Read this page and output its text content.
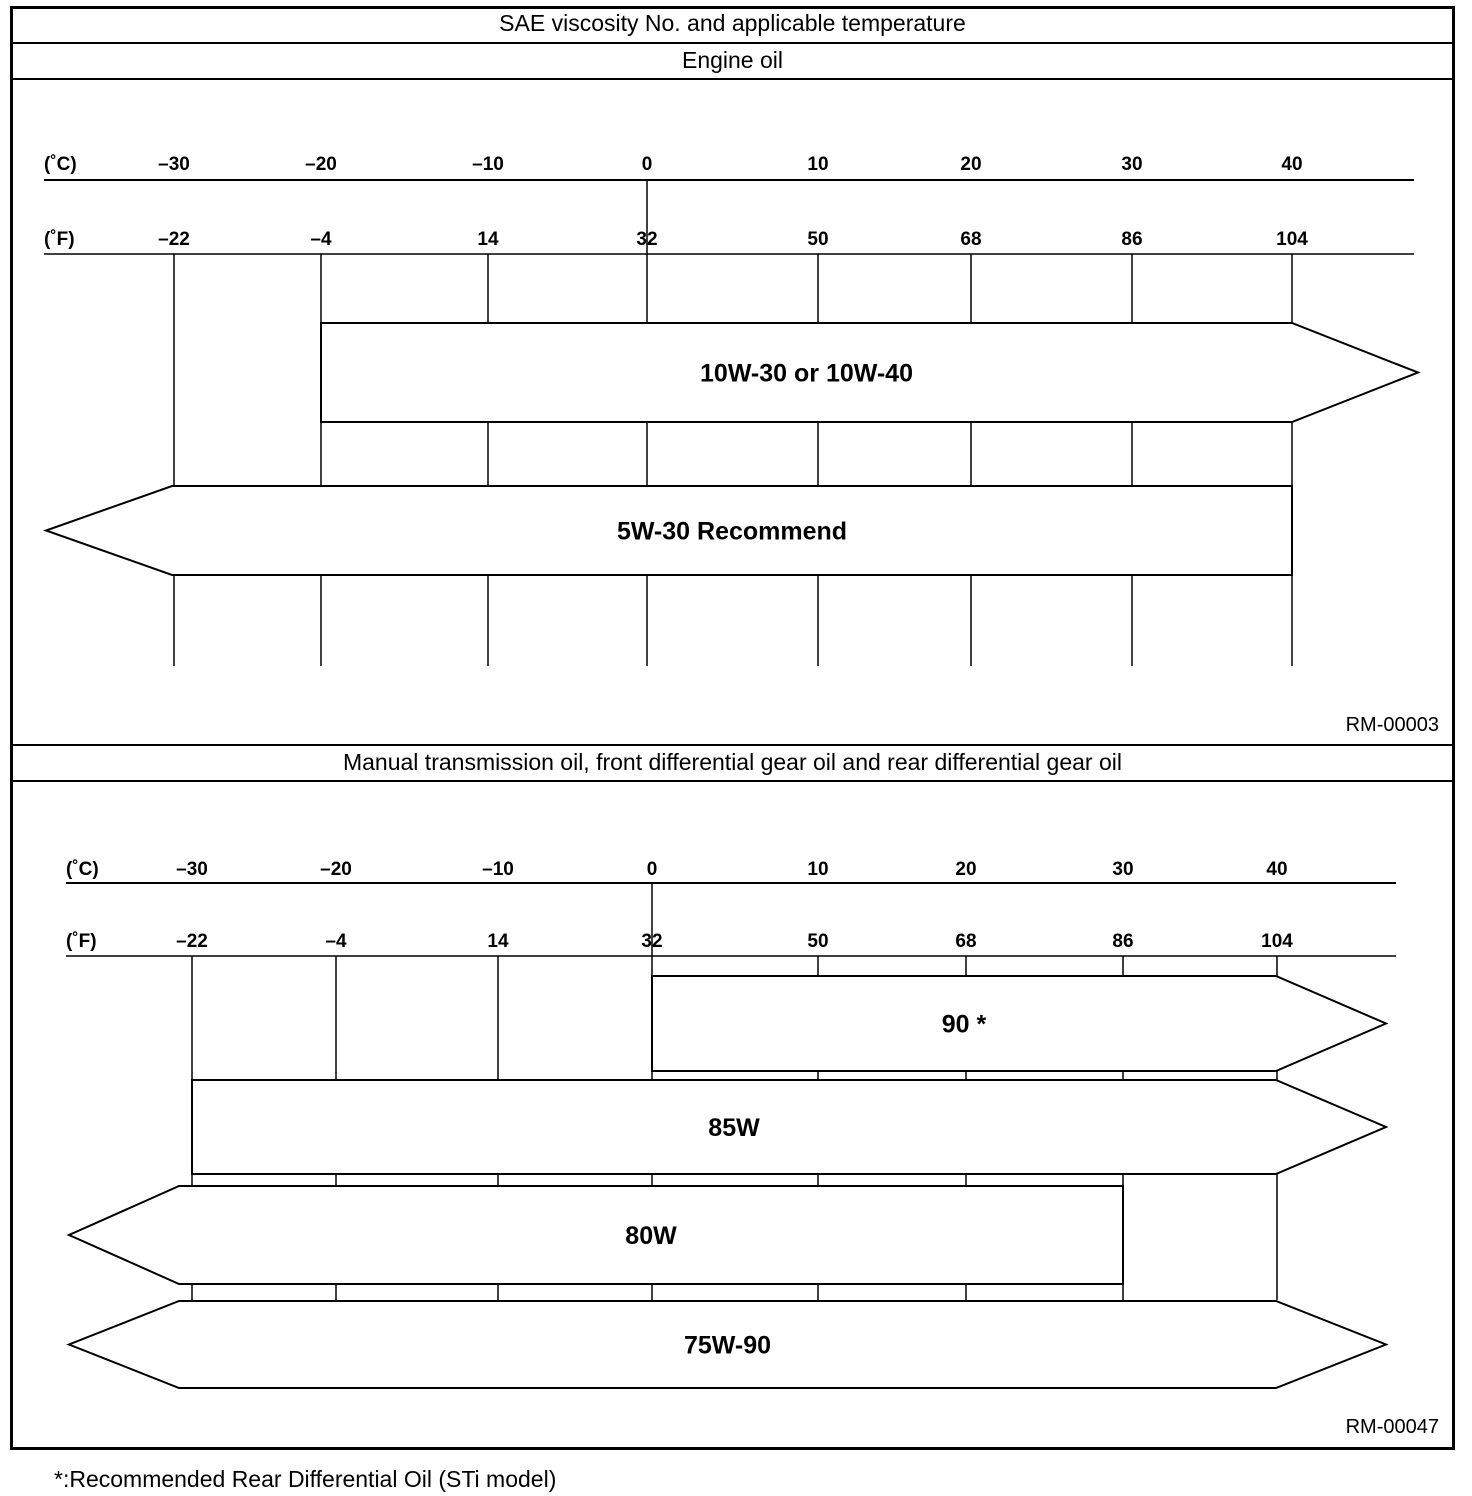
SAE viscosity No. and applicable temperature
Engine oil
Manual transmission oil, front differential gear oil and rear differential gear oil
(˚C)
(˚F)
–30	–20	–10	0	10	20	30	40
–22	–4	14	32	50	68	86	104
10W-30 or 10W-40
5W-30 Recommend
(˚C)
(˚F)
–30	–20	–10	0	10	20	30	40
–22	–4	14	32	50	68	86	104
90 *
85W
80W
75W-90
RM-00003
RM-00047
*:Recommended Rear Differential Oil (STi model)
